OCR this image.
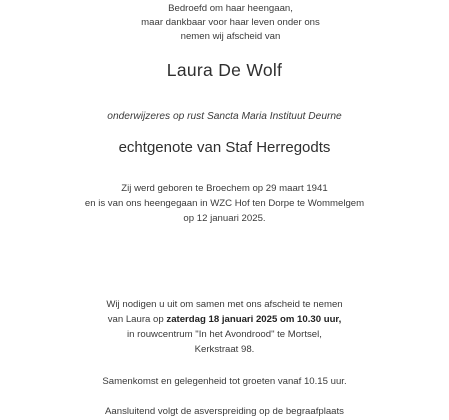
Bedroefd om haar heengaan,
maar dankbaar voor haar leven onder ons
nemen wij afscheid van
Laura De Wolf
onderwijzeres op rust Sancta Maria Instituut Deurne
echtgenote van Staf Herregodts
Zij werd geboren te Broechem op 29 maart 1941
en is van ons heengegaan in WZC Hof ten Dorpe te Wommelgem
op 12 januari 2025.
Wij nodigen u uit om samen met ons afscheid te nemen
van Laura op zaterdag 18 januari 2025 om 10.30 uur,
in rouwcentrum "In het Avondrood" te Mortsel,
Kerkstraat 98.
Samenkomst en gelegenheid tot groeten vanaf 10.15 uur.
Aansluitend volgt de asverspreiding op de begraafplaats
